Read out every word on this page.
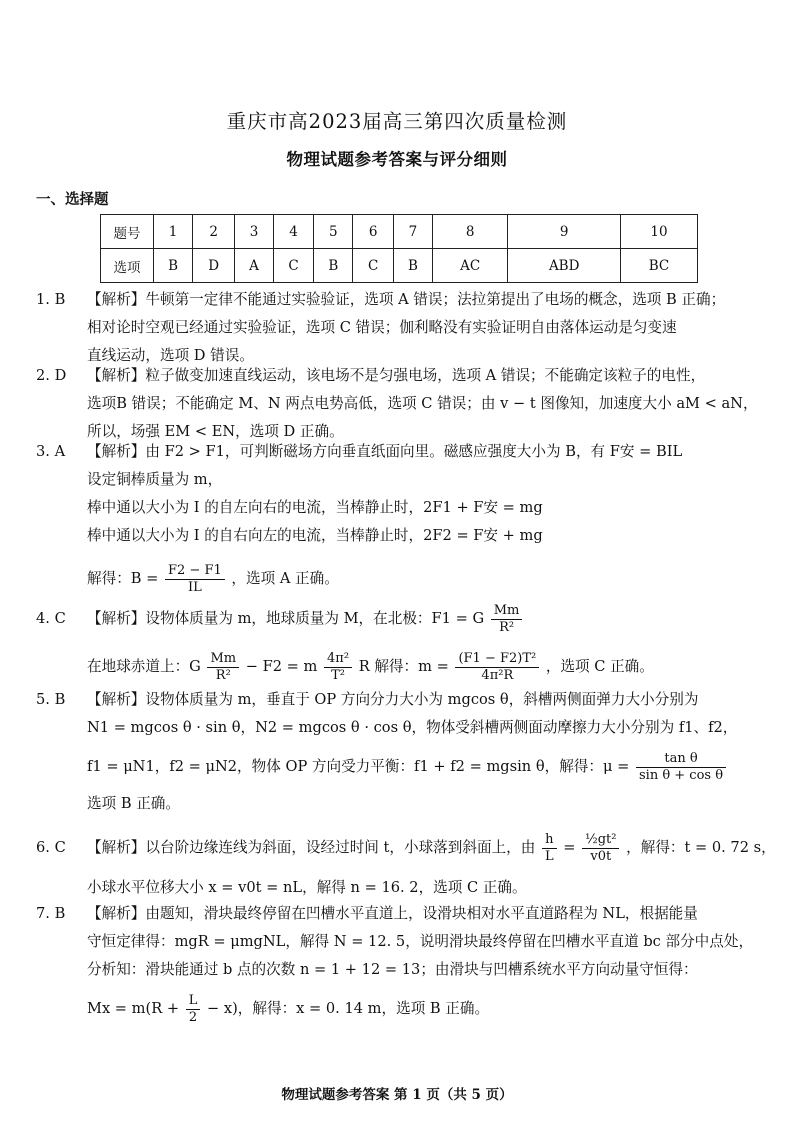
重庆市高2023届高三第四次质量检测
物理试题参考答案与评分细则
一、选择题
题号	1	2	3	4	5	6	7	8	9	10
选项	B	D	A	C	B	C	B	AC	ABD	BC
1. B 【解析】牛顿第一定律不能通过实验验证，选项 A 错误；法拉第提出了电场的概念，选项 B 正确；
相对论时空观已经通过实验验证，选项 C 错误；伽利略没有实验证明自由落体运动是匀变速
直线运动，选项 D 错误。
2. D 【解析】粒子做变加速直线运动，该电场不是匀强电场，选项 A 错误；不能确定该粒子的电性，
选项B 错误；不能确定 M、N 两点电势高低，选项 C 错误；由 v − t 图像知，加速度大小 aM < aN，
所以，场强 EM < EN，选项 D 正确。
3. A 【解析】由 F2 > F1，可判断磁场方向垂直纸面向里。磁感应强度大小为 B，有 F安 = BIL
设定铜棒质量为 m，
棒中通以大小为 I 的自左向右的电流，当棒静止时，2F1 + F安 = mg
棒中通以大小为 I 的自右向左的电流，当棒静止时，2F2 = F安 + mg
解得：$B = \frac{F2 - F1}{IL}$ ，选项 A 正确。
4. C 【解析】设物体质量为 m，地球质量为 M，在北极：F1 = G $\frac{Mm}{\text{R²}}$
在地球赤道上：G $\frac{Mm}{\text{R²}} - F2 = m \frac{\text{4π²}}{\text{T²}}$ R 解得：$m = \frac{\text{(F1 − F2)T²}}{\text{4π²R}}$ ，选项 C 正确。
5. B 【解析】设物体质量为 m，垂直于 OP 方向分力大小为 mgcos θ，斜槽两侧面弹力大小分别为
N1 = mgcos θ · sin θ，N2 = mgcos θ · cos θ，物体受斜槽两侧面动摩擦力大小分别为 f1、f2，
f1 = μN1，f2 = μN2，物体 OP 方向受力平衡：f1 + f2 = mgsin θ，解得：$\mu = \frac{\text{tan θ}}{\text{sin θ + cos θ}}$
选项 B 正确。
6. C 【解析】以台阶边缘连线为斜面，设经过时间 t，小球落到斜面上，由 $\frac{h}{L} = \frac{\text{½gt²}}{v0t}$ ，解得：t = 0. 72 s，
小球水平位移大小 x = v0t = nL，解得 n = 16. 2，选项 C 正确。
7. B 【解析】由题知，滑块最终停留在凹槽水平直道上，设滑块相对水平直道路程为 NL，根据能量
守恒定律得：mgR = μmgNL，解得 N = 12. 5，说明滑块最终停留在凹槽水平直道 bc 部分中点处，
分析知：滑块能通过 b 点的次数 n = 1 + 12 = 13；由滑块与凹槽系统水平方向动量守恒得：
$Mx = m(R + \frac{L}{2} - x)$，解得：x = 0. 14 m，选项 B 正确。
物理试题参考答案 第 1 页（共 5 页）
